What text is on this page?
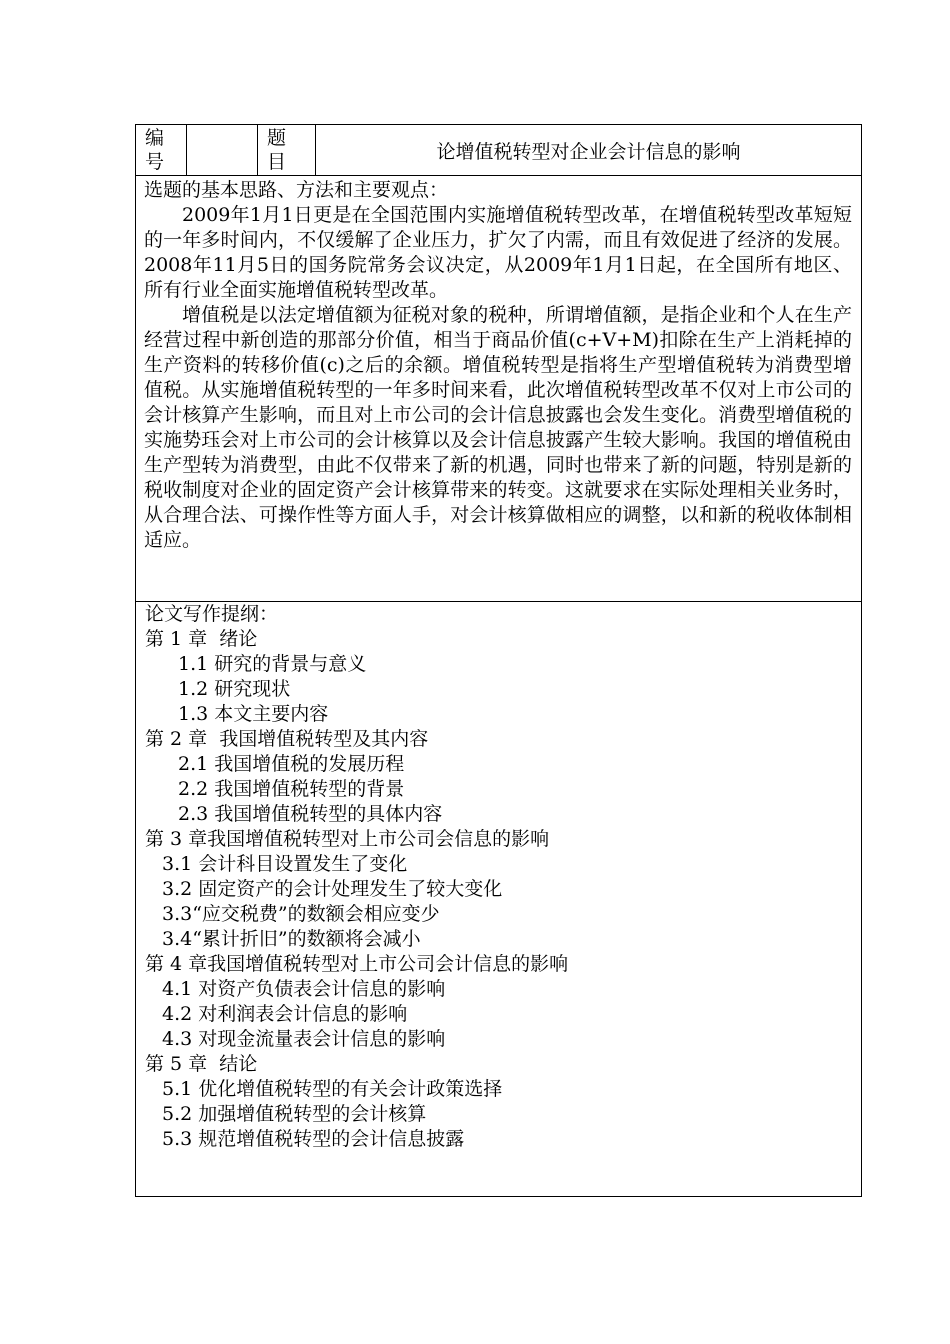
编
号
题
目	论增值税转型对企业会计信息的影响
选题的基本思路、方法和主要观点：

2009年1月1日更是在全国范围内实施增值税转型改革，在增值税转型改革短短的一年多时间内，不仅缓解了企业压力，扩欠了内需，而且有效促进了经济的发展。2008年11月5日的国务院常务会议决定，从2009年1月1日起，在全国所有地区、所有行业全面实施增值税转型改革。

增值税是以法定增值额为征税对象的税种，所谓增值额，是指企业和个人在生产经营过程中新创造的那部分价值，相当于商品价值(c+V+M)扣除在生产上消耗掉的生产资料的转移价值(c)之后的余额。增值税转型是指将生产型增值税转为消费型增值税。从实施增值税转型的一年多时间来看，此次增值税转型改革不仅对上市公司的会计核算产生影响，而且对上市公司的会计信息披露也会发生变化。消费型增值税的实施势珏会对上市公司的会计核算以及会计信息披露产生较大影响。我国的增值税由生产型转为消费型，由此不仅带来了新的机遇，同时也带来了新的问题，特别是新的税收制度对企业的固定资产会计核算带来的转变。这就要求在实际处理相关业务时，从合理合法、可操作性等方面人手，对会计核算做相应的调整，以和新的税收体制相适应。

论文写作提纲：
第 1 章  绪论
1.1 研究的背景与意义
1.2 研究现状
1.3 本文主要内容
第 2 章  我国增值税转型及其内容
2.1 我国增值税的发展历程
2.2 我国增值税转型的背景
2.3 我国增值税转型的具体内容
第 3 章我国增值税转型对上市公司会信息的影响
3.1 会计科目设置发生了变化
3.2 固定资产的会计处理发生了较大变化
3.3“应交税费”的数额会相应变少
3.4“累计折旧”的数额将会减小
第 4 章我国增值税转型对上市公司会计信息的影响
4.1 对资产负债表会计信息的影响
4.2 对利润表会计信息的影响
4.3 对现金流量表会计信息的影响
第 5 章  结论
5.1 优化增值税转型的有关会计政策选择
5.2 加强增值税转型的会计核算
5.3 规范增值税转型的会计信息披露
